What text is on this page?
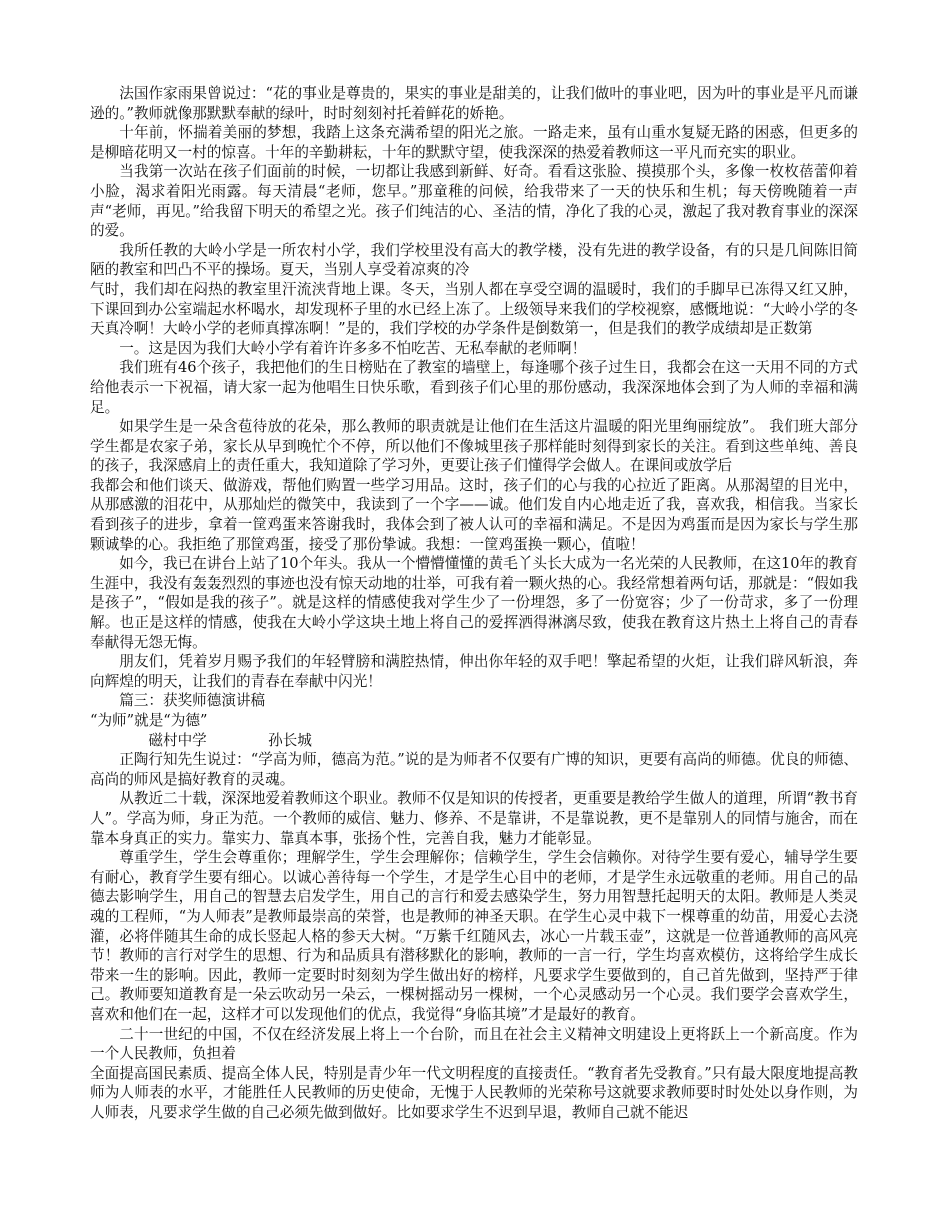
法国作家雨果曾说过：“花的事业是尊贵的，果实的事业是甜美的，让我们做叶的事业吧，因为叶的事业是平凡而谦逊的。”教师就像那默默奉献的绿叶，时时刻刻衬托着鲜花的娇艳。

十年前，怀揣着美丽的梦想，我踏上这条充满希望的阳光之旅。一路走来，虽有山重水复疑无路的困惑，但更多的是柳暗花明又一村的惊喜。十年的辛勤耕耘，十年的默默守望，使我深深的热爱着教师这一平凡而充实的职业。

当我第一次站在孩子们面前的时候，一切都让我感到新鲜、好奇。看看这张脸、摸摸那个头，多像一枚枚蓓蕾仰着小脸，渴求着阳光雨露。每天清晨“老师，您早。”那童稚的问候，给我带来了一天的快乐和生机；每天傍晚随着一声声“老师，再见。”给我留下明天的希望之光。孩子们纯洁的心、圣洁的情，净化了我的心灵，激起了我对教育事业的深深的爱。

我所任教的大岭小学是一所农村小学，我们学校里没有高大的教学楼，没有先进的教学设备，有的只是几间陈旧简陋的教室和凹凸不平的操场。夏天，当别人享受着凉爽的冷

气时，我们却在闷热的教室里汗流浃背地上课。冬天，当别人都在享受空调的温暖时，我们的手脚早已冻得又红又肿，下课回到办公室端起水杯喝水，却发现杯子里的水已经上冻了。上级领导来我们的学校视察，感慨地说：“大岭小学的冬天真冷啊！大岭小学的老师真撑冻啊！”是的，我们学校的办学条件是倒数第一，但是我们的教学成绩却是正数第

一。这是因为我们大岭小学有着许许多多不怕吃苦、无私奉献的老师啊！

我们班有46个孩子，我把他们的生日榜贴在了教室的墙壁上，每逢哪个孩子过生日，我都会在这一天用不同的方式给他表示一下祝福，请大家一起为他唱生日快乐歌，看到孩子们心里的那份感动，我深深地体会到了为人师的幸福和满足。

如果学生是一朵含苞待放的花朵，那么教师的职责就是让他们在生活这片温暖的阳光里绚丽绽放”。 我们班大部分学生都是农家子弟，家长从早到晚忙个不停，所以他们不像城里孩子那样能时刻得到家长的关注。看到这些单纯、善良的孩子，我深感肩上的责任重大，我知道除了学习外，更要让孩子们懂得学会做人。在课间或放学后

我都会和他们谈天、做游戏，帮他们购置一些学习用品。这时，孩子们的心与我的心拉近了距离。从那渴望的目光中，从那感激的泪花中，从那灿烂的微笑中，我读到了一个字——诚。他们发自内心地走近了我，喜欢我，相信我。当家长看到孩子的进步，拿着一筐鸡蛋来答谢我时，我体会到了被人认可的幸福和满足。不是因为鸡蛋而是因为家长与学生那颗诚挚的心。我拒绝了那筐鸡蛋，接受了那份挚诚。我想：一筐鸡蛋换一颗心，值啦！

如今，我已在讲台上站了10个年头。我从一个懵懵懂懂的黄毛丫头长大成为一名光荣的人民教师，在这10年的教育生涯中，我没有轰轰烈烈的事迹也没有惊天动地的壮举，可我有着一颗火热的心。我经常想着两句话，那就是：“假如我是孩子”，“假如是我的孩子”。就是这样的情感使我对学生少了一份埋怨，多了一份宽容；少了一份苛求，多了一份理解。也正是这样的情感，使我在大岭小学这块土地上将自己的爱挥洒得淋漓尽致，使我在教育这片热土上将自己的青春奉献得无怨无悔。

朋友们，凭着岁月赐予我们的年轻臂膀和满腔热情，伸出你年轻的双手吧！擎起希望的火炬，让我们辟风斩浪，奔向辉煌的明天，让我们的青春在奉献中闪光！

篇三：获奖师德演讲稿

“为师”就是“为德”

磁村中学	孙长城

正陶行知先生说过：“学高为师，德高为范。”说的是为师者不仅要有广博的知识，更要有高尚的师德。优良的师德、高尚的师风是搞好教育的灵魂。

从教近二十载，深深地爱着教师这个职业。教师不仅是知识的传授者，更重要是教给学生做人的道理，所谓“教书育人”。学高为师，身正为范。一个教师的威信、魅力、修养、不是靠讲，不是靠说教，更不是靠别人的同情与施舍，而在靠本身真正的实力。靠实力、靠真本事，张扬个性，完善自我，魅力才能彰显。

尊重学生，学生会尊重你；理解学生，学生会理解你；信赖学生，学生会信赖你。对待学生要有爱心，辅导学生要有耐心，教育学生要有细心。以诚心善待每一个学生，才是学生心目中的老师，才是学生永远敬重的老师。用自己的品德去影响学生，用自己的智慧去启发学生，用自己的言行和爱去感染学生，努力用智慧托起明天的太阳。教师是人类灵魂的工程师，“为人师表”是教师最崇高的荣誉，也是教师的神圣天职。在学生心灵中栽下一棵尊重的幼苗，用爱心去浇灌，必将伴随其生命的成长竖起人格的参天大树。“万紫千红随风去，冰心一片载玉壶”，这就是一位普通教师的高风亮节！教师的言行对学生的思想、行为和品质具有潜移默化的影响，教师的一言一行，学生均喜欢模仿，这将给学生成长带来一生的影响。因此，教师一定要时时刻刻为学生做出好的榜样，凡要求学生要做到的，自己首先做到，坚持严于律己。教师要知道教育是一朵云吹动另一朵云，一棵树摇动另一棵树，一个心灵感动另一个心灵。我们要学会喜欢学生，喜欢和他们在一起，这样才可以发现他们的优点，我觉得“身临其境”才是最好的教育。

二十一世纪的中国，不仅在经济发展上将上一个台阶，而且在社会主义精神文明建设上更将跃上一个新高度。作为一个人民教师，负担着

全面提高国民素质、提高全体人民，特别是青少年一代文明程度的直接责任。“教育者先受教育。”只有最大限度地提高教师为人师表的水平，才能胜任人民教师的历史使命，无愧于人民教师的光荣称号这就要求教师要时时处处以身作则，为人师表，凡要求学生做的自己必须先做到做好。比如要求学生不迟到早退，教师自己就不能迟
